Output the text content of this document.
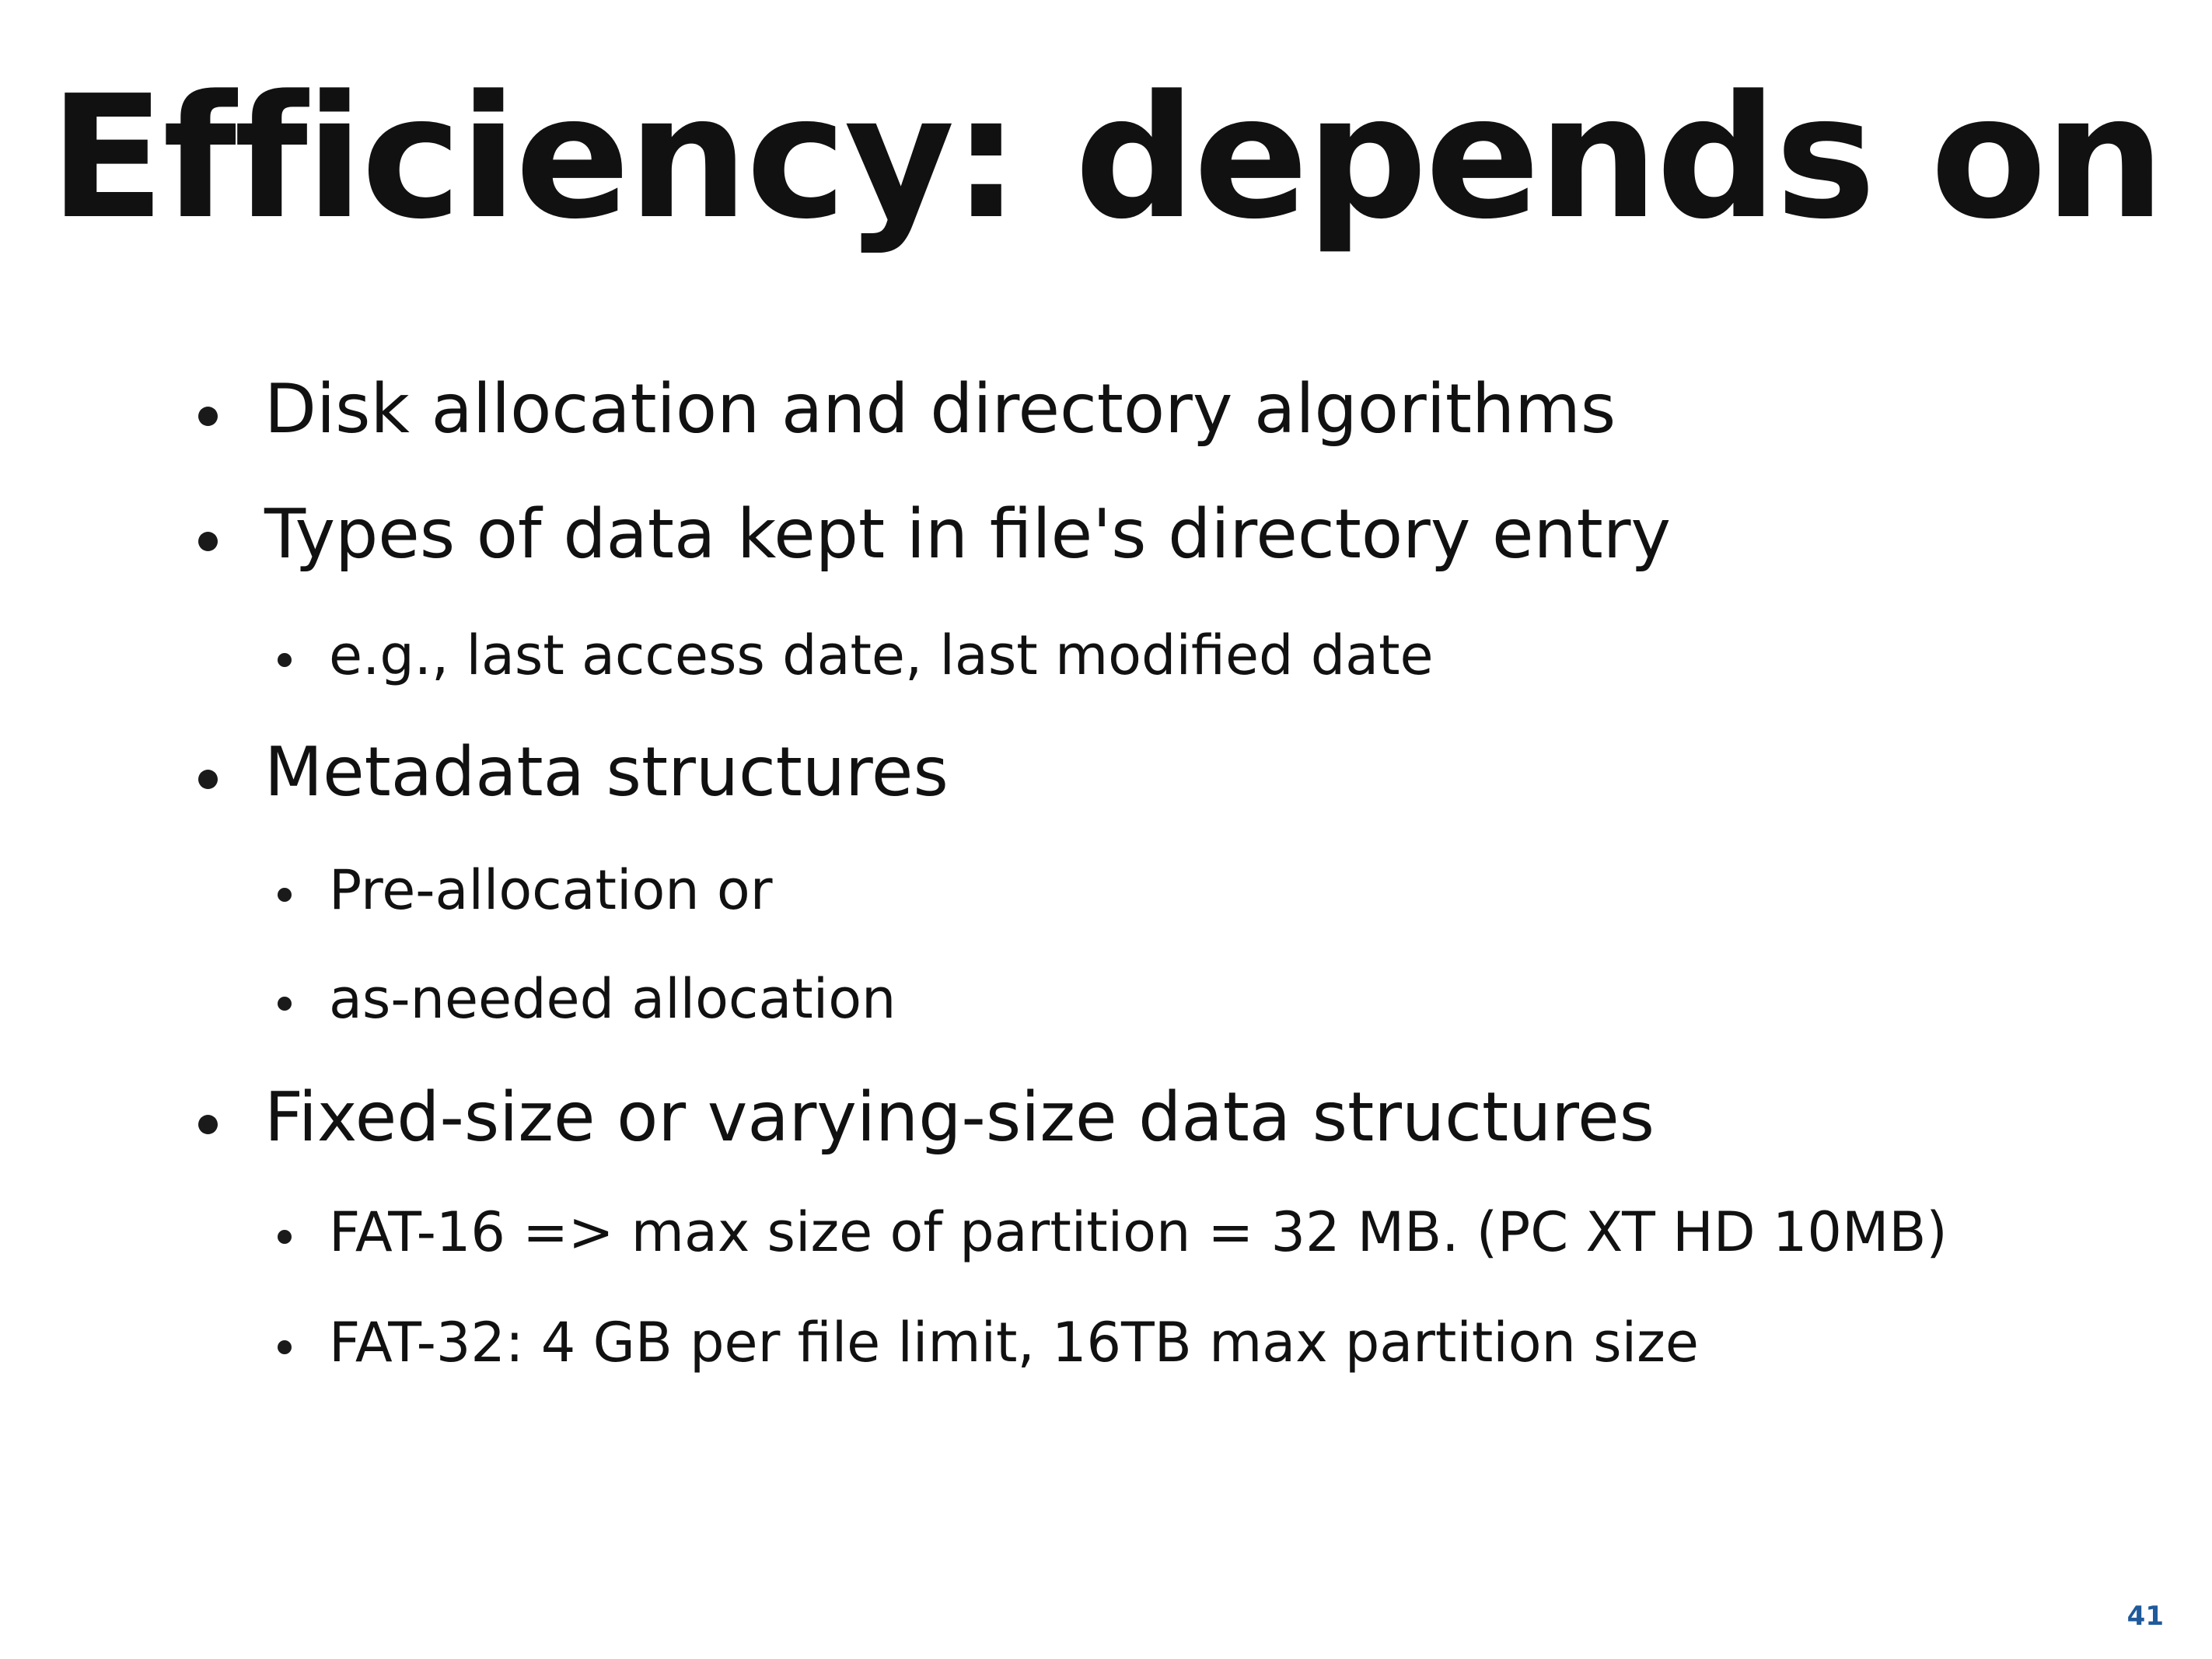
Efficiency: depends on
Disk allocation and directory algorithms
Types of data kept in file's directory entry
e.g., last access date, last modified date
Metadata structures
Pre-allocation or
as-needed allocation
Fixed-size or varying-size data structures
FAT-16 => max size of partition = 32 MB. (PC XT HD 10MB)
FAT-32: 4 GB per file limit, 16TB max partition size
41
